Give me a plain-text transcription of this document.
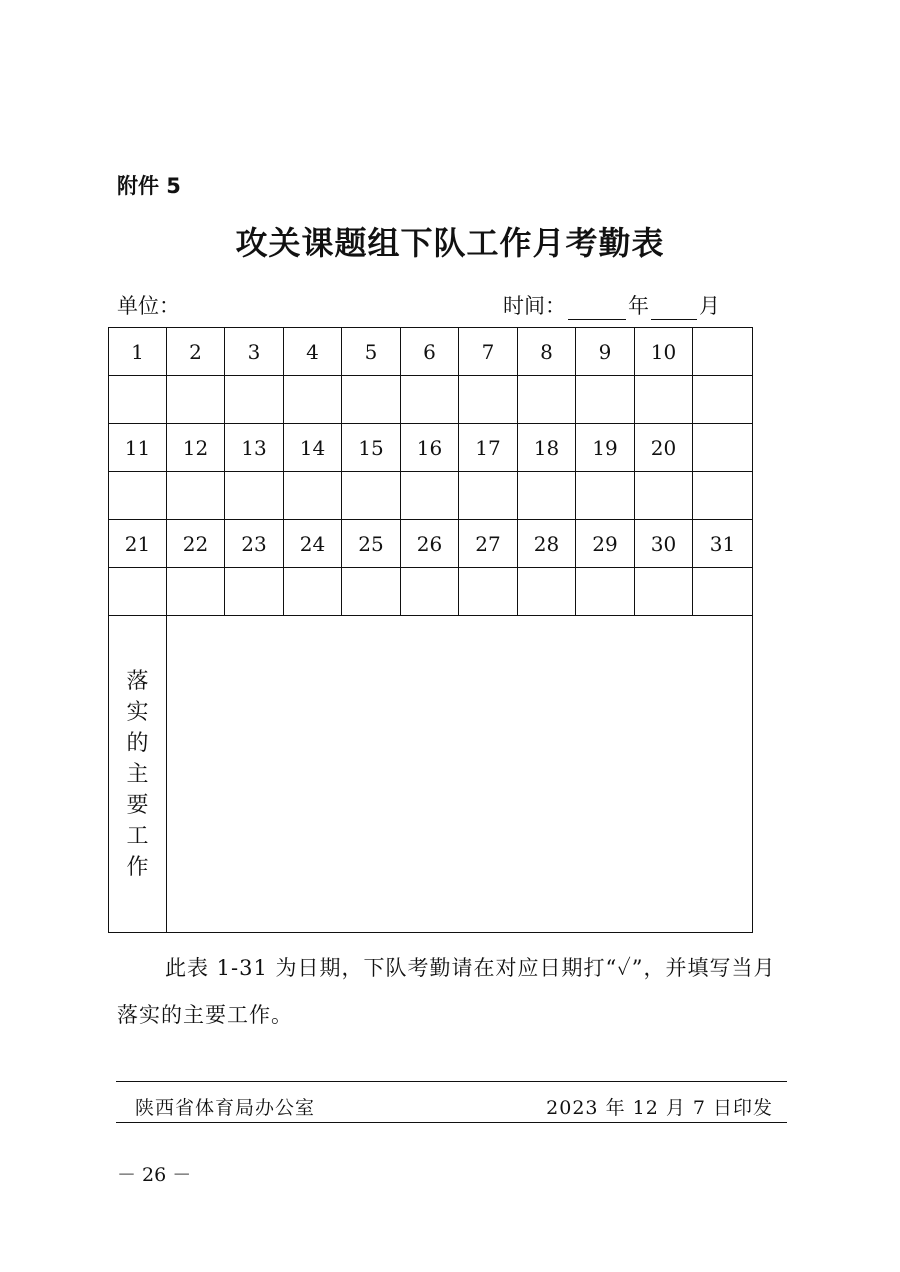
附件 5
攻关课题组下队工作月考勤表
单位：	时间：	年 月
1	2	3	4	5	6	7	8	9	10	

11	12	13	14	15	16	17	18	19	20	

21	22	23	24	25	26	27	28	29	30	31

落实的主要工作										
此表 1-31 为日期，下队考勤请在对应日期打“✓”，并填写当月落实的主要工作。
陕西省体育局办公室	2023 年 12 月 7 日印发
－ 26 －
